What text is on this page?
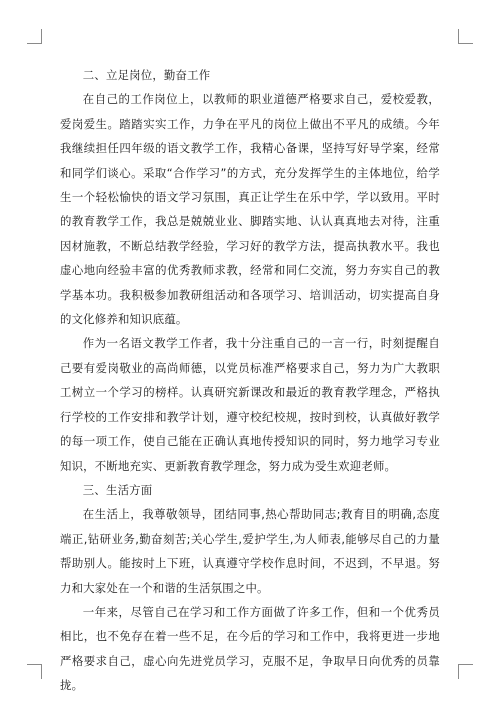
二、立足岗位，勤奋工作

在自己的工作岗位上，以教师的职业道德严格要求自己，爱校爱教，爱岗爱生。踏踏实实工作，力争在平凡的岗位上做出不平凡的成绩。今年我继续担任四年级的语文教学工作，我精心备课，坚持写好导学案，经常和同学们谈心。采取“合作学习”的方式，充分发挥学生的主体地位，给学生一个轻松愉快的语文学习氛围，真正让学生在乐中学，学以致用。平时的教育教学工作，我总是兢兢业业、脚踏实地、认认真真地去对待，注重因材施教，不断总结教学经验，学习好的教学方法，提高执教水平。我也虚心地向经验丰富的优秀教师求教，经常和同仁交流，努力夯实自己的教学基本功。我积极参加教研组活动和各项学习、培训活动，切实提高自身的文化修养和知识底蕴。

作为一名语文教学工作者，我十分注重自己的一言一行，时刻提醒自己要有爱岗敬业的高尚师德，以党员标准严格要求自己，努力为广大教职工树立一个学习的榜样。认真研究新课改和最近的教育教学理念，严格执行学校的工作安排和教学计划，遵守校纪校规，按时到校，认真做好教学的每一项工作，使自己能在正确认真地传授知识的同时，努力地学习专业知识，不断地充实、更新教育教学理念，努力成为受生欢迎老师。

三、生活方面

在生活上，我尊敬领导，团结同事,热心帮助同志;教育目的明确,态度端正,钻研业务,勤奋刻苦;关心学生,爱护学生,为人师表,能够尽自己的力量帮助别人。能按时上下班，认真遵守学校作息时间，不迟到，不早退。努力和大家处在一个和谐的生活氛围之中。

一年来，尽管自己在学习和工作方面做了许多工作，但和一个优秀员相比，也不免存在着一些不足，在今后的学习和工作中，我将更进一步地严格要求自己，虚心向先进党员学习，克服不足，争取早日向优秀的员靠拢。
